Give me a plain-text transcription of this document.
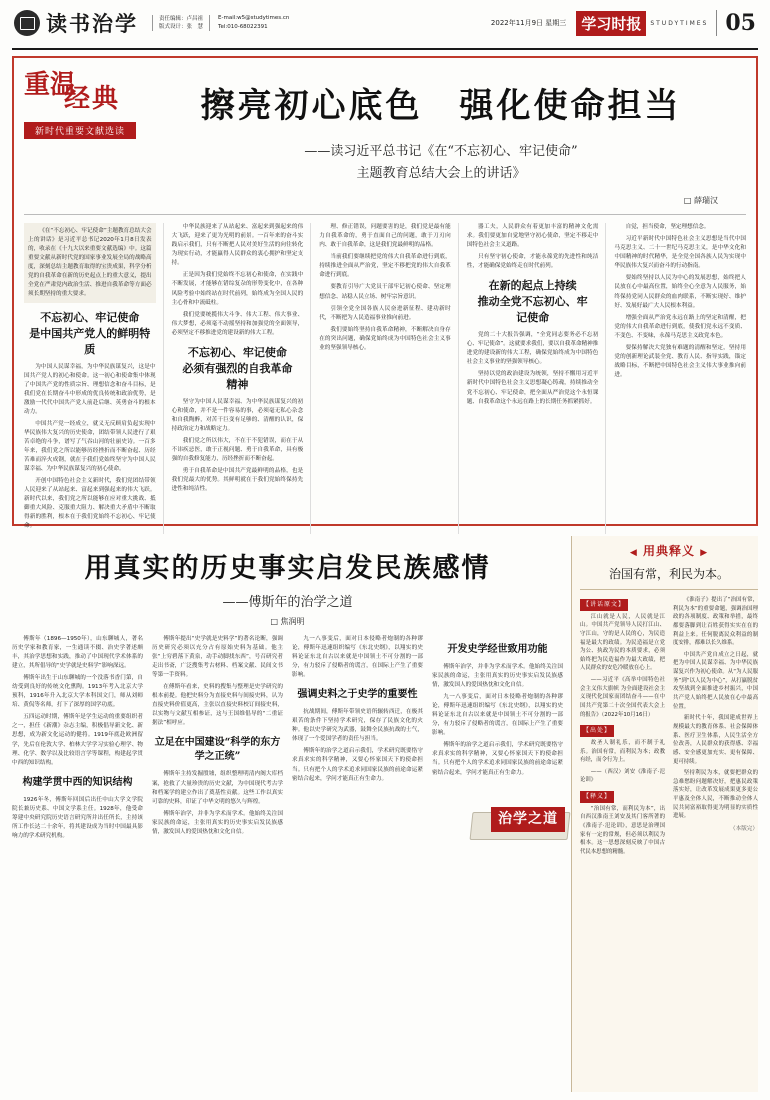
读书治学	责任编辑：卢昌祖
版式设计：张　慧
E-mail:w5@studytimes.cn
Tel:010-68022391	2022年11月9日 星期三	学习时报	STUDYTIMES 05
重温
经典
新时代重要文献选读
擦亮初心底色　强化使命担当
——读习近平总书记《在“不忘初心、牢记使命”
主题教育总结大会上的讲话》
□ 薛瑞汉

《在“不忘初心、牢记使命”主题教育总结大会上的讲话》是习近平总书记2020年1月8日发表的，收录在《十九大以来重要文献选编》中。这篇重要文献从新时代党的国家事业发展全局的战略高度，深刻总结主题教育取得的宝贵成果，科学分析党的自我革命在新的历史起点上的重大意义，提出全党在严肃党内政治生活、推进自我革命等方面必须长期坚持的重大要求。

不忘初心、牢记使命
是中国共产党人的鲜明特质

为中国人民谋幸福，为中华民族谋复兴，这是中国共产党人的初心和使命。这一初心和使命集中体现了中国共产党的性质宗旨、理想信念和奋斗目标，是我们党在长期奋斗中形成的优良传统和政治优势，是激励一代代中国共产党人前赴后继、英勇奋斗的根本动力。

中国共产党一经成立，就义无反顾肩负起实现中华民族伟大复兴的历史使命，团结带领人民进行了艰苦卓绝的斗争，谱写了气吞山河的壮丽史诗。一百多年来，我们党之所以能够历经挫折而不断奋起、历经苦难而淬火成钢，就在于我们党始终坚守为中国人民谋幸福、为中华民族谋复兴的初心使命。

开创中国特色社会主义新时代，我们党团结带领人民迎来了从站起来、富起来到强起来的伟大飞跃。新时代以来，我们党之所以能够在应对重大挑战、抵御重大风险、克服重大阻力、解决重大矛盾中不断取得新的胜利，根本在于我们党始终不忘初心、牢记使命。

中华民族迎来了从站起来、富起来到强起来的伟大飞跃，迎来了更为光明的前景。一百年来的奋斗实践启示我们，只有不断把人民对美好生活的向往转化为现实行动，才能赢得人民群众的衷心拥护和坚定支持。

正是因为我们党始终不忘初心和使命，在实践中不断发展，才能够在错综复杂的形势变化中，在各种风险考验中始终站在时代前列，始终成为全国人民的主心骨和中流砥柱。

我们党要统揽伟大斗争、伟大工程、伟大事业、伟大梦想，必须毫不动摇坚持和加强党的全面领导，必须坚定不移推进党的建设新的伟大工程。

不忘初心、牢记使命
必须有强烈的自我革命
精神

坚守为中国人民谋幸福、为中华民族谋复兴的初心和使命，并不是一件容易的事，必须毫无私心杂念和自我陶醉，对苦干巨变有足够的、清醒的认识，保持政治定力和战略定力。

我们党之所以伟大，不在于不犯错误，而在于从不讳疾忌医，敢于正视问题、勇于自我革命，具有极强的自我修复能力，历经挫折而不断奋起。

勇于自我革命是中国共产党最鲜明的品格，也是我们党最大的优势。其鲜明就在于我们党始终保持先进性和纯洁性。

理、修正错误，问题要害的是，我们党是最有能力自我革命的，勇于直面自己的问题，敢于刀刃向内、敢于自我革命，这是我们党最鲜明的品格。

当前我们要继续把党的伟大自我革命进行到底，持续推进全面从严治党，坚定不移把党的伟大自我革命进行到底。

要教育引导广大党员干部牢记初心使命、坚定理想信念、站稳人民立场、树牢宗旨意识。

引领全党全国各族人民奋进新征程、建功新时代，不断把为人民造福事业推向前进。

我们要始终坚持自我革命精神，不断解决自身存在的突出问题，确保党始终成为中国特色社会主义事业的坚强领导核心。

器工夫，人民群众有着更加丰富的精神文化需求。我们要更加自觉地坚守初心使命，坚定不移走中国特色社会主义道路。

只有坚守初心使命，才能永葆党的先进性和纯洁性，才能确保党始终走在时代前列。

在新的起点上持续
推动全党不忘初心、牢
记使命

党的二十大报告强调，“全党同志要务必不忘初心、牢记使命”。这就要求我们，要以自我革命精神推进党的建设新的伟大工程，确保党始终成为中国特色社会主义事业的坚强领导核心。

坚持以党的政治建设为统领，坚持不懈用习近平新时代中国特色社会主义思想凝心铸魂，持续推动全党不忘初心、牢记使命，把全面从严治党这个永恒课题、自我革命这个永远在路上的长期任务抓紧抓好。

自觉，担当使命，坚定理想信念。

习近平新时代中国特色社会主义思想是当代中国马克思主义、二十一世纪马克思主义，是中华文化和中国精神的时代精华，是全党全国各族人民为实现中华民族伟大复兴而奋斗的行动指南。

要始终坚持以人民为中心的发展思想，始终把人民放在心中最高位置，始终全心全意为人民服务，始终保持党同人民群众的血肉联系，不断实现好、维护好、发展好最广大人民根本利益。

增强全面从严治党永远在路上的坚定和清醒，把党的伟大自我革命进行到底，使我们党永远不变质、不变色、不变味，永葆马克思主义政党本色。

要保持解决大党独有难题的清醒和坚定，坚持用党的创新理论武装全党、教育人民、指导实践，锚定战略目标，不断把中国特色社会主义伟大事业推向前进。

用真实的历史事实启发民族感情
——傅斯年的治学之道
□ 焦润明

傅斯年（1896—1950年），山东聊城人，著名历史学家和教育家，一生通读不辍、治史学著述颇丰，其治学思想和实践，推动了中国现代学术体系的建立，其所倡导的“史学就是史料学”影响深远。

傅斯年出生于山东聊城的一个没落书香门第，自幼受到良好的传统文化熏陶。1913年考入北京大学预科，1916年升入北京大学本科国文门，师从刘师培、黄侃等名师，打下了深厚的国学功底。

五四运动时期，傅斯年是学生运动的重要组织者之一，担任《新潮》杂志主编，积极倡导新文化、新思想，成为新文化运动的健将。1919年底赴欧洲留学，先后在伦敦大学、柏林大学学习实验心理学、物理、化学、数学以及比较语言学等课程，构建起学贯中西的知识结构。

构建学贯中西的知识结构

1926年冬，傅斯年回国后出任中山大学文学院院长兼历史系、中国文学系主任。1928年，他受命筹建中央研究院历史语言研究所并出任所长，主持该所工作长达二十余年，将其建设成为当时中国最具影响力的学术研究机构。

傅斯年提出“史学就是史料学”的著名论断，强调历史研究必须以充分占有原始史料为基础。他主张“上穷碧落下黄泉，动手动脚找东西”，号召研究者走出书斋，广泛搜集考古材料、档案文献、民间文书等第一手资料。

在傅斯年看来，史料的搜集与整理是史学研究的根本前提。他把史料分为直接史料与间接史料，认为直接史料价值更高，主张以直接史料校订间接史料，以实物与文献互相参证，这与王国维倡导的“二重证据法”相呼应。

立足在中国建设“科学的东方学之正统”

傅斯年主持发掘殷墟，组织整理明清内阁大库档案，抢救了大量珍贵的历史文献，为中国现代考古学和档案学的建立作出了奠基性贡献。这些工作以真实可靠的史料，印证了中华文明的悠久与辉煌。

傅斯年治学，并非为学术而学术。他始终关注国家民族的命运，主张用真实的历史事实启发民族感情，激发国人的爱国热忱和文化自信。

九一八事变后，面对日本侵略者炮制的各种谬论，傅斯年迅速组织编写《东北史纲》，以翔实的史料论证东北自古以来就是中国领土不可分割的一部分，有力驳斥了侵略者的谎言，在国际上产生了重要影响。

强调史料之于史学的重要性

抗战期间，傅斯年带领史语所辗转西迁，在极其艰苦的条件下坚持学术研究，保存了民族文化的火种。他以史学研究为武器，鼓舞全民族抗战的士气，体现了一个爱国学者的责任与担当。

傅斯年的治学之道启示我们，学术研究既要恪守求真求实的科学精神，又要心怀家国天下的使命担当。只有把个人的学术追求同国家民族的前途命运紧密结合起来，学问才能真正有生命力。

开发史学经世致用功能

傅斯年治学，并非为学术而学术。他始终关注国家民族的命运，主张用真实的历史事实启发民族感情，激发国人的爱国热忱和文化自信。

九一八事变后，面对日本侵略者炮制的各种谬论，傅斯年迅速组织编写《东北史纲》，以翔实的史料论证东北自古以来就是中国领土不可分割的一部分，有力驳斥了侵略者的谎言，在国际上产生了重要影响。

傅斯年的治学之道启示我们，学术研究既要恪守求真求实的科学精神，又要心怀家国天下的使命担当。只有把个人的学术追求同国家民族的前途命运紧密结合起来，学问才能真正有生命力。

治学之道
◀ 用典释义 ▶
治国有常，利民为本。
【讲话原文】

江山就是人民，人民就是江山。中国共产党领导人民打江山、守江山，守的是人民的心，为民造福是最大的政绩。为民造福是立党为公、执政为民的本质要求，必须始终把为民造福作为最大政绩，把人民群众的安危冷暖放在心上。

——习近平《高举中国特色社会主义伟大旗帜 为全面建设社会主义现代化国家而团结奋斗——在中国共产党第二十次全国代表大会上的报告》（2022年10月16日）

【出处】

故圣人制礼乐，而不制于礼乐。治国有常，而利民为本；政教有经，而令行为上。

——（西汉）刘安《淮南子·氾论训》

【释义】

“治国有常，而利民为本”，出自西汉淮南王刘安及其门客所著的《淮南子·氾论训》，意思是治理国家有一定的常规，但必须以利民为根本。这一思想深刻反映了中国古代民本思想的精髓。

《淮南子》提出了“治国有常，利民为本”的重要命题，强调治国理政的各项制度、政策和举措，最终都要落脚到让百姓获得实实在在的利益上来。任何脱离民众利益的制度安排，都难以长久维系。

中国共产党自成立之日起，就把为中国人民谋幸福、为中华民族谋复兴作为初心使命。从“为人民服务”到“以人民为中心”，从打赢脱贫攻坚战到全面推进乡村振兴，中国共产党人始终把人民放在心中最高位置。

新时代十年，我国建成世界上规模最大的教育体系、社会保障体系、医疗卫生体系，人民生活全方位改善，人民群众的获得感、幸福感、安全感更加充实、更有保障、更可持续。

坚持利民为本，就要把群众的急难愁盼问题解决好，把惠民政策落实好，让改革发展成果更多更公平惠及全体人民，不断推动全体人民共同富裕取得更为明显的实质性进展。

（本版完）
